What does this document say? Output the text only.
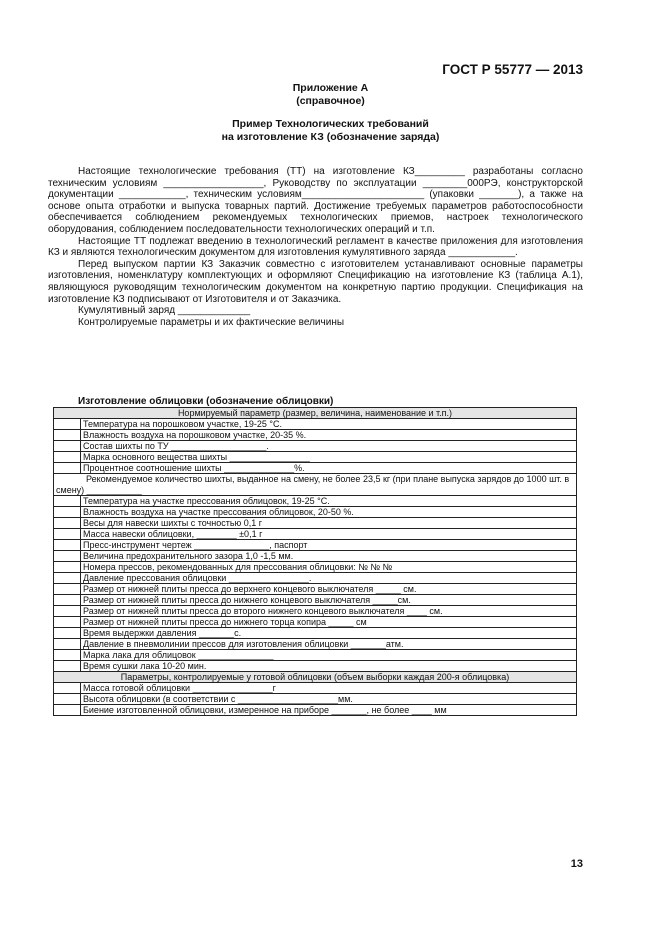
ГОСТ Р 55777 — 2013
Приложение А
(справочное)
Пример Технологических требований
на изготовление КЗ (обозначение заряда)

Настоящие технологические требования (ТТ) на изготовление КЗ_________ разработаны согласно техническим условиям __________________, Руководству по эксплуатации ________000РЭ, конструкторской документации ____________, техническим условиям______________________ (упаковки _______), а также на основе опыта отработки и выпуска товарных партий. Достижение требуемых параметров работоспособности обеспечивается соблюдением рекомендуемых технологических приемов, настроек технологического оборудования, соблюдением последовательности технологических операций и т.п.

Настоящие ТТ подлежат введению в технологический регламент в качестве приложения для изготовления КЗ и являются технологическим документом для изготовления кумулятивного заряда ____________.

Перед выпуском партии КЗ Заказчик совместно с изготовителем устанавливают основные параметры изготовления, номенклатуру комплектующих и оформляют Спецификацию на изготовление КЗ (таблица А.1), являющуюся руководящим технологическим документом на конкретную партию продукции. Спецификация на изготовление КЗ подписывают от Изготовителя и от Заказчика.

Кумулятивный заряд _____________

Контролируемые параметры и их фактические величины

Изготовление облицовки (обозначение облицовки)
Нормируемый параметр (размер, величина, наименование и т.п.)	
	Температура на порошковом участке, 19-25 °С.
	Влажность воздуха на порошковом участке, 20-35 %.
	Состав шихты по ТУ ___________________.
	Марка основного вещества шихты ________________
	Процентное соотношение шихты ______________%.
Рекомендуемое количество шихты, выданное на смену, не более 23,5 кг (при плане выпуска зарядов до 1000 шт. в смену) ___________	
	Температура на участке прессования облицовок, 19-25 °С.
	Влажность воздуха на участке прессования облицовок, 20-50 %.
	Весы для навески шихты с точностью 0,1 г
	Масса навески облицовки, ________ ±0,1 г
	Пресс-инструмент чертеж _______________, паспорт
	Величина предохранительного зазора 1,0 -1,5 мм.
	Номера прессов, рекомендованных для прессования облицовки: № № №
	Давление прессования облицовки ________________.
	Размер от нижней плиты пресса до верхнего концевого выключателя _____ см.
	Размер от нижней плиты пресса до нижнего концевого выключателя _____см.
	Размер от нижней плиты пресса до второго нижнего концевого выключателя ____ см.
	Размер от нижней плиты пресса до нижнего торца копира _____ см
	Время выдержки давления _______с.
	Давление в пневмолинии прессов для изготовления облицовки _______атм.
	Марка лака для облицовок _______________
	Время сушки лака 10-20 мин.
Параметры, контролируемые у готовой облицовки (объем выборки каждая 200-я облицовка)	
	Масса готовой облицовки ________________г
	Высота облицовки (в соответствии с ____________________мм.
	Биение изготовленной облицовки, измеренное на приборе _______, не более ____ мм
13
